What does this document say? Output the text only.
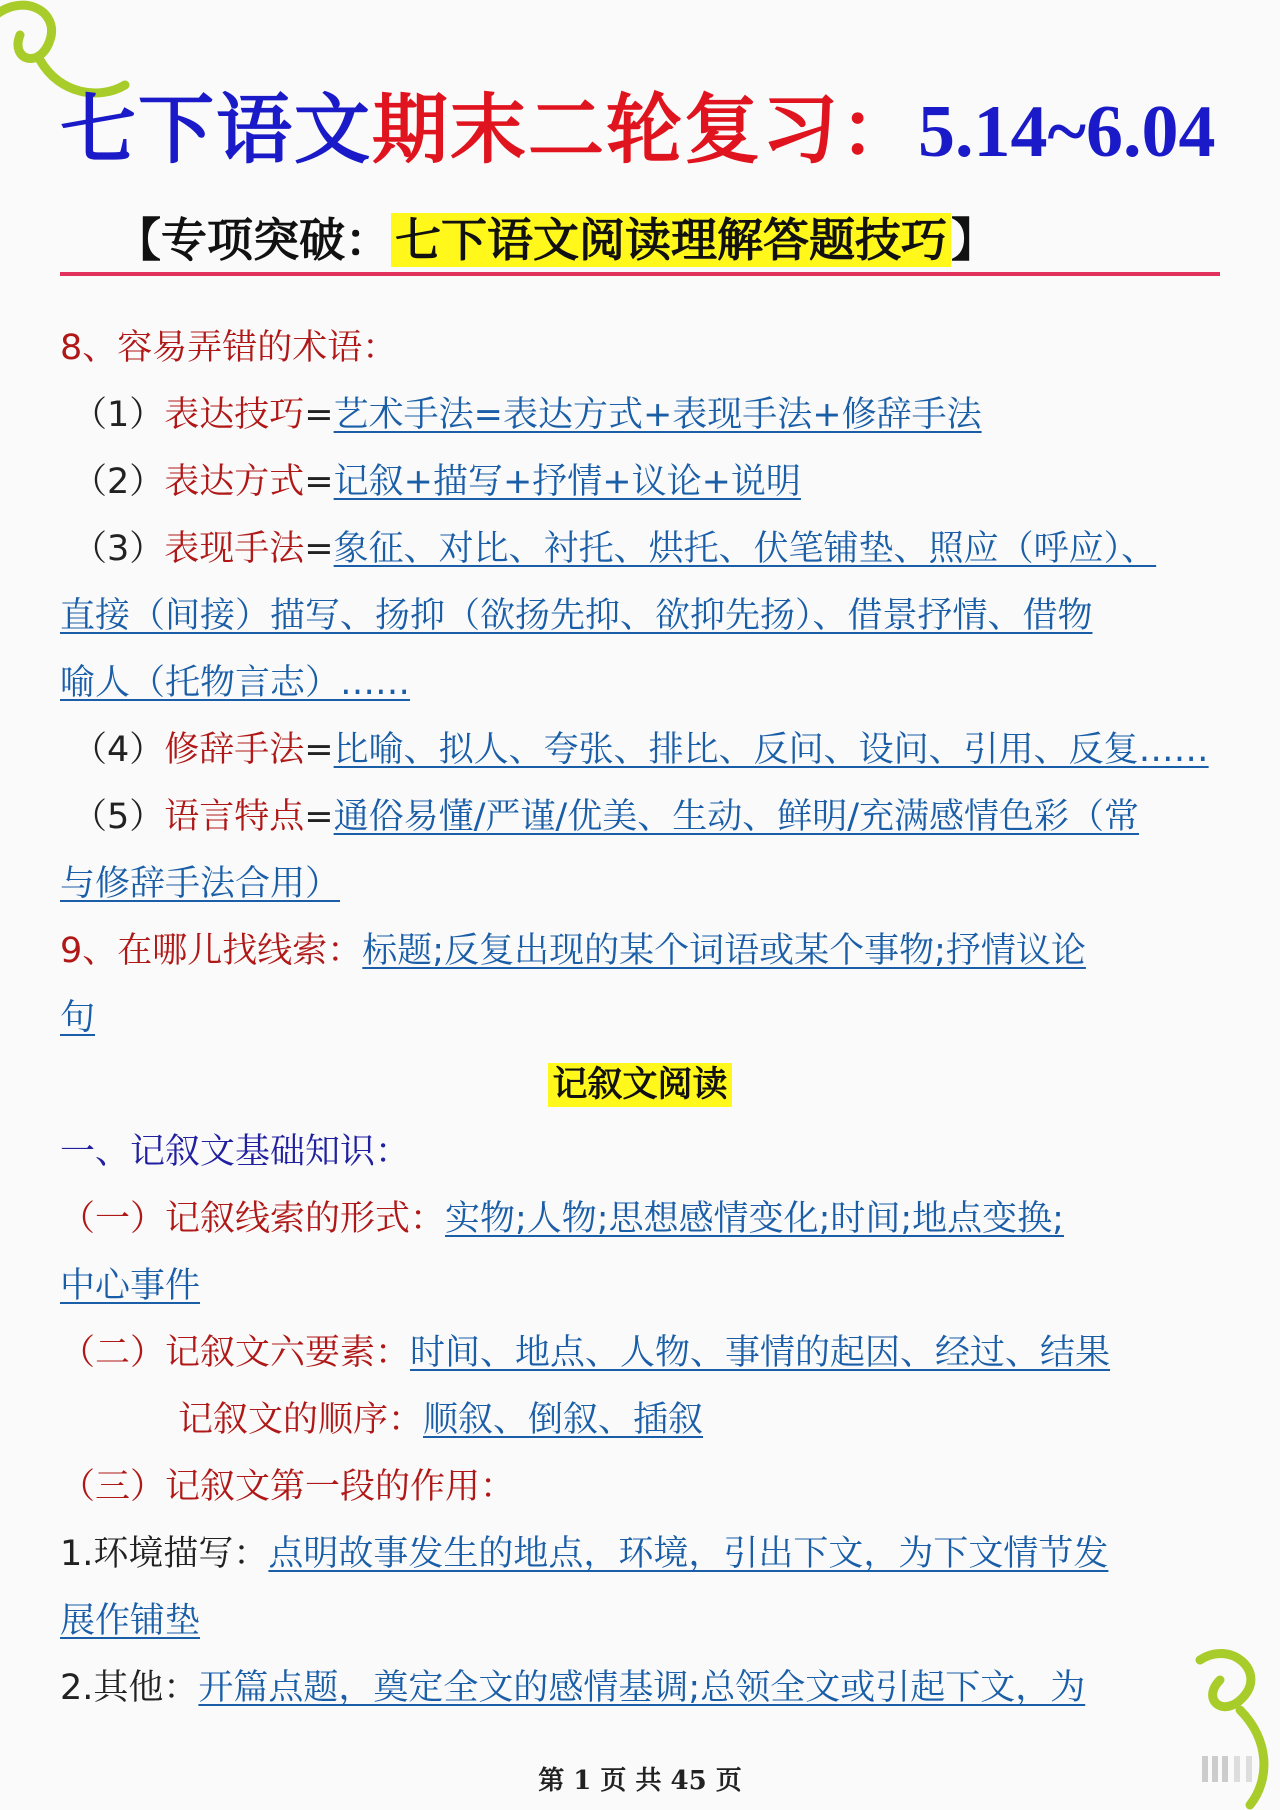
七下语文期末二轮复习：5.14~6.04
【专项突破：七下语文阅读理解答题技巧】
8、容易弄错的术语：
（1）表达技巧=艺术手法=表达方式+表现手法+修辞手法
（2）表达方式=记叙+描写+抒情+议论+说明
（3）表现手法=象征、对比、衬托、烘托、伏笔铺垫、照应（呼应）、
直接（间接）描写、扬抑（欲扬先抑、欲抑先扬）、借景抒情、借物
喻人（托物言志）……
（4）修辞手法=比喻、拟人、夸张、排比、反问、设问、引用、反复……
（5）语言特点=通俗易懂/严谨/优美、生动、鲜明/充满感情色彩（常
与修辞手法合用）
9、在哪儿找线索：标题;反复出现的某个词语或某个事物;抒情议论
句
记叙文阅读
一、记叙文基础知识：
（一）记叙线索的形式：实物;人物;思想感情变化;时间;地点变换;
中心事件
（二）记叙文六要素：时间、地点、人物、事情的起因、经过、结果
记叙文的顺序：顺叙、倒叙、插叙
（三）记叙文第一段的作用：
1.环境描写：点明故事发生的地点，环境，引出下文，为下文情节发
展作铺垫
2.其他：开篇点题，奠定全文的感情基调;总领全文或引起下文，为
第 1 页 共 45 页
